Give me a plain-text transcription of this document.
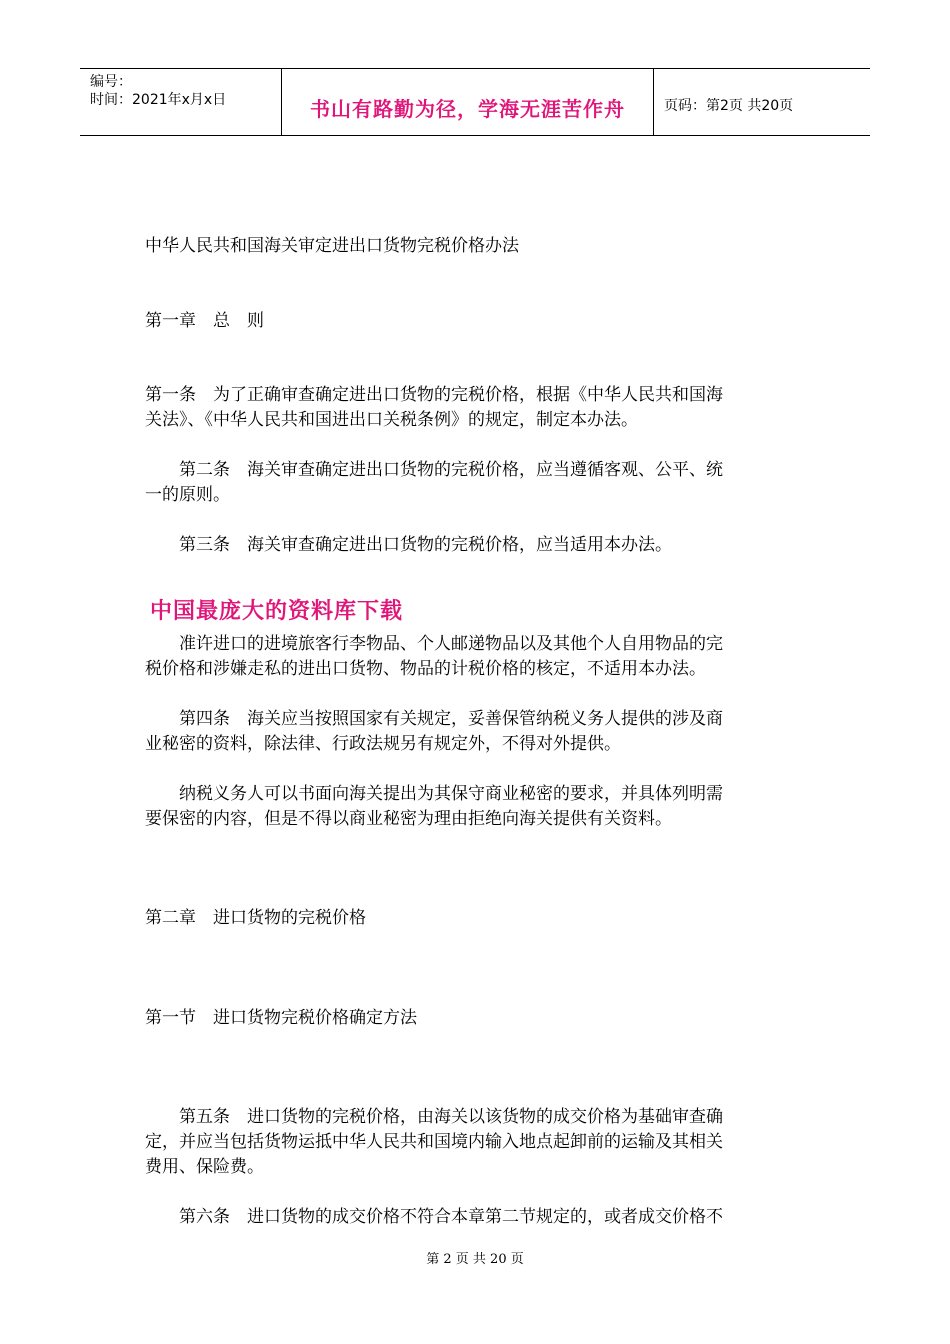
编号：
时间：2021年x月x日	书山有路勤为径，学海无涯苦作舟	页码：第2页 共20页
中华人民共和国海关审定进出口货物完税价格办法
第一章　总　则
第一条　为了正确审查确定进出口货物的完税价格，根据《中华人民共和国海
关法》、《中华人民共和国进出口关税条例》的规定，制定本办法。
　　第二条　海关审查确定进出口货物的完税价格，应当遵循客观、公平、统
一的原则。
　　第三条　海关审查确定进出口货物的完税价格，应当适用本办法。
中国最庞大的资料库下载
　　准许进口的进境旅客行李物品、个人邮递物品以及其他个人自用物品的完
税价格和涉嫌走私的进出口货物、物品的计税价格的核定，不适用本办法。
　　第四条　海关应当按照国家有关规定，妥善保管纳税义务人提供的涉及商
业秘密的资料，除法律、行政法规另有规定外，不得对外提供。
　　纳税义务人可以书面向海关提出为其保守商业秘密的要求，并具体列明需
要保密的内容，但是不得以商业秘密为理由拒绝向海关提供有关资料。
第二章　进口货物的完税价格
第一节　进口货物完税价格确定方法
　　第五条　进口货物的完税价格，由海关以该货物的成交价格为基础审查确
定，并应当包括货物运抵中华人民共和国境内输入地点起卸前的运输及其相关
费用、保险费。
　　第六条　进口货物的成交价格不符合本章第二节规定的，或者成交价格不
第 2 页 共 20 页
